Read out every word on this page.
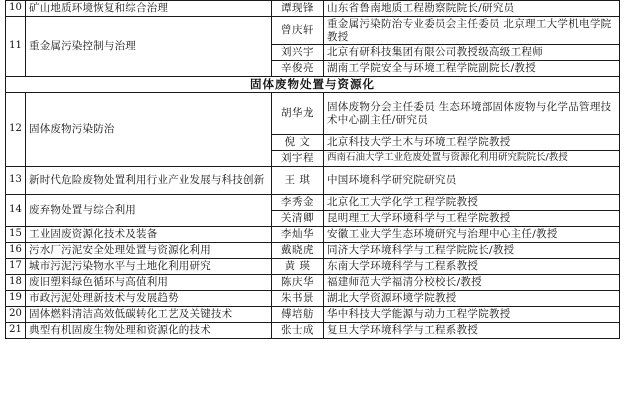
10	矿山地质环境恢复和综合治理	谭现锋	山东省鲁南地质工程勘察院院长/研究员
11	重金属污染控制与治理	曾庆轩	重金属污染防治专业委员会主任委员 北京理工大学机电学院教授
		刘兴宇	北京有研科技集团有限公司教授级高级工程师
		辛俊亮	湖南工学院安全与环境工程学院副院长/教授
固体废物处置与资源化			
12	固体废物污染防治	胡华龙	固体废物分会主任委员 生态环境部固体废物与化学品管理技术中心副主任/研究员
		倪 文	北京科技大学土木与环境工程学院教授
		刘宇程	西南石油大学工业危废处置与资源化利用研究院院长/教授
13	新时代危险废物处置利用行业产业发展与科技创新	王 琪	中国环境科学研究院研究员
14	废弃物处置与综合利用	李秀金	北京化工大学化学工程学院教授
		关清卿	昆明理工大学环境科学与工程学院教授
15	工业固废资源化技术及装备	李灿华	安徽工业大学生态环境研究与治理中心主任/教授
16	污水厂污泥安全处理处置与资源化利用	戴晓虎	同济大学环境科学与工程学院院长/教授
17	城市污泥污染物水平与土地化利用研究	黄 瑛	东南大学环境科学与工程系教授
18	废旧塑料绿色循环与高值利用	陈庆华	福建师范大学福清分校校长/教授
19	市政污泥处理新技术与发展趋势	朱书景	湖北大学资源环境学院教授
20	固体燃料清洁高效低碳转化工艺及关键技术	傅培舫	华中科技大学能源与动力工程学院教授
21	典型有机固废生物处理和资源化的技术	张士成	复旦大学环境科学与工程系教授
